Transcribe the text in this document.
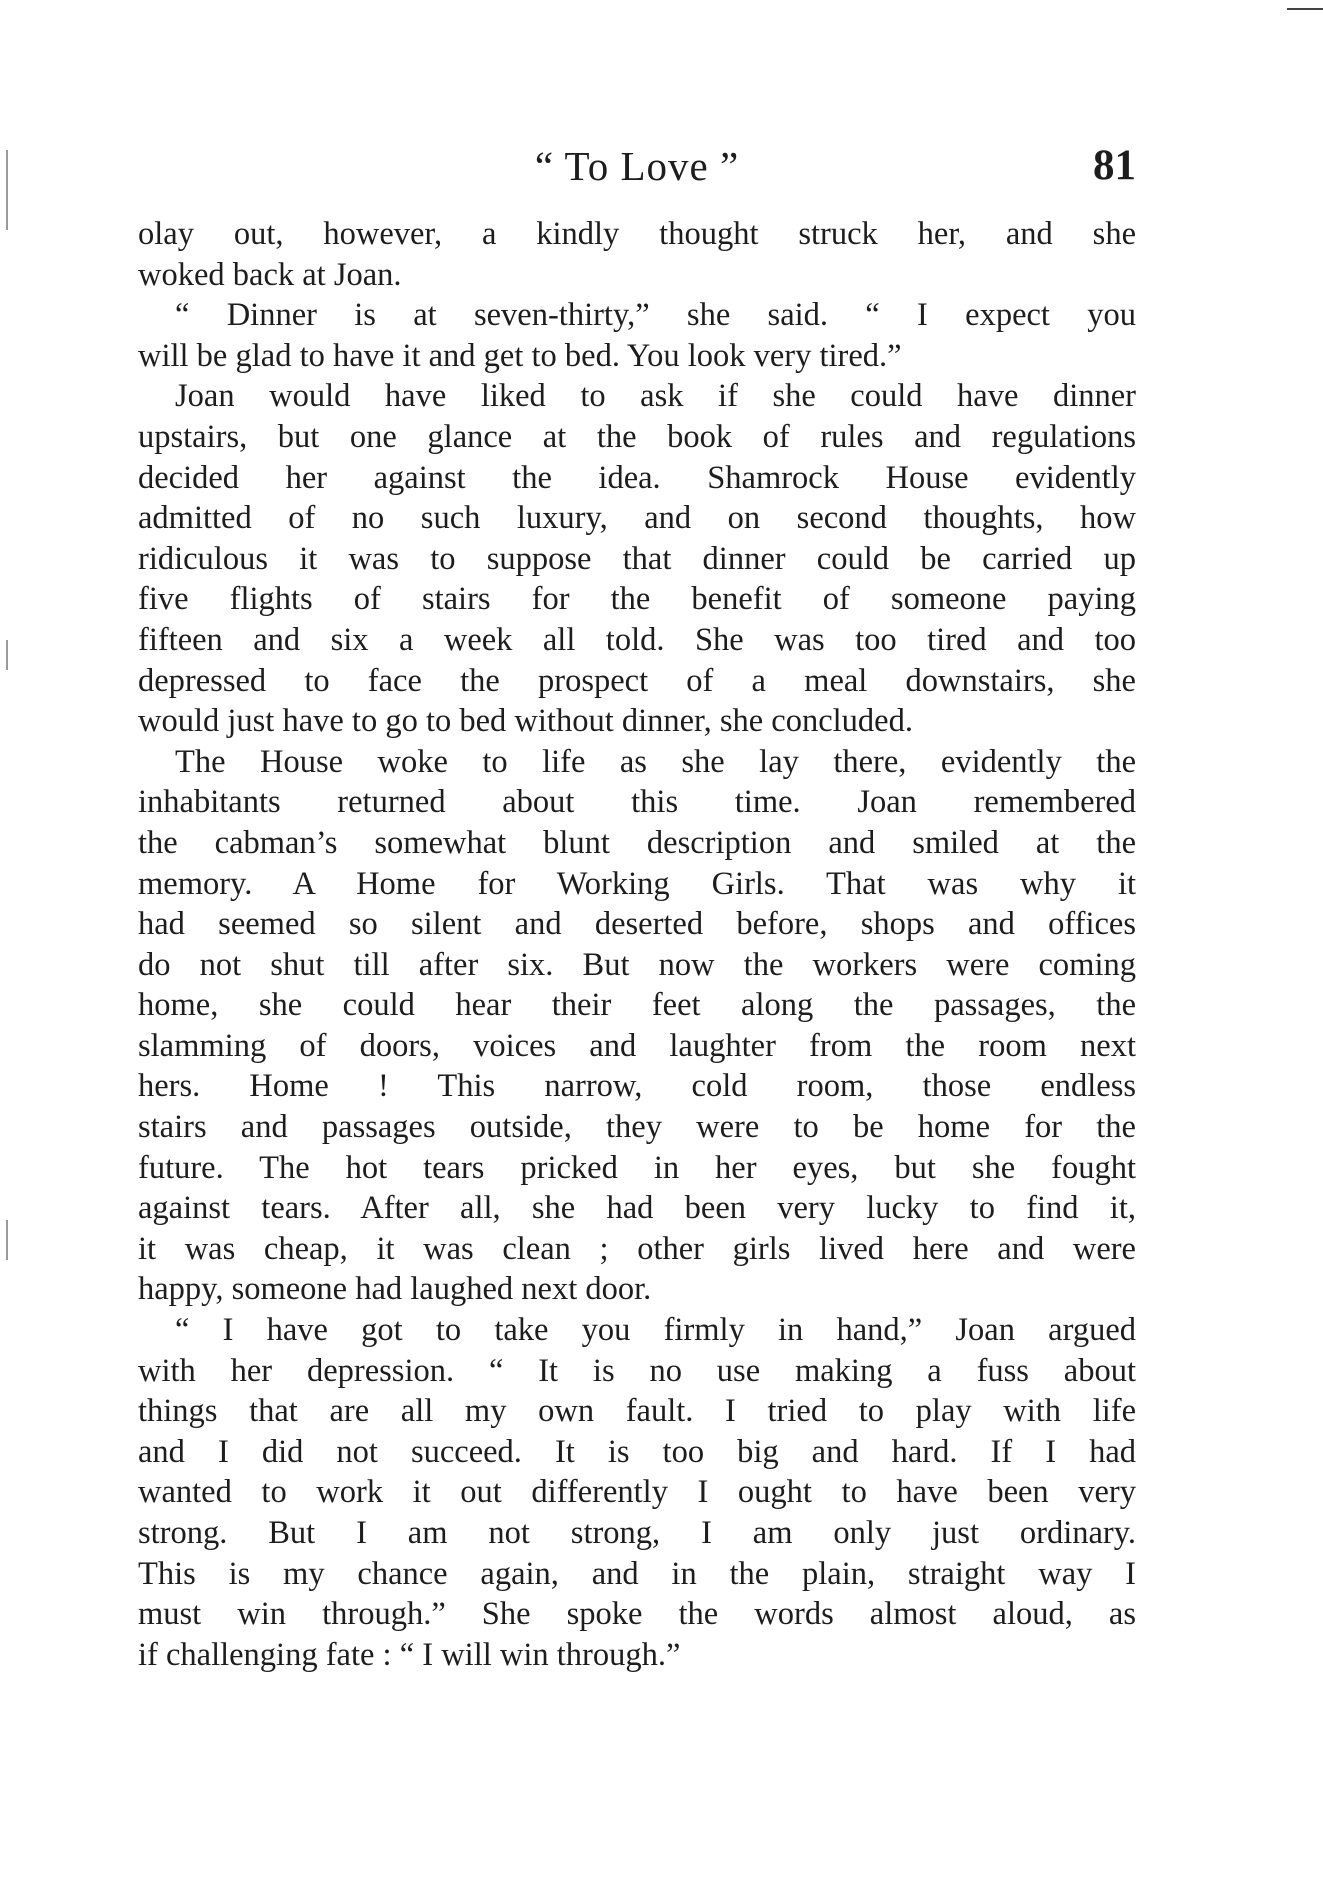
“ To Love ”	81
olay out, however, a kindly thought struck her, and she
woked back at Joan.
“ Dinner is at seven-thirty,” she said. “ I expect you
will be glad to have it and get to bed. You look very tired.”
Joan would have liked to ask if she could have dinner
upstairs, but one glance at the book of rules and regulations
decided her against the idea. Shamrock House evidently
admitted of no such luxury, and on second thoughts, how
ridiculous it was to suppose that dinner could be carried up
five flights of stairs for the benefit of someone paying
fifteen and six a week all told. She was too tired and too
depressed to face the prospect of a meal downstairs, she
would just have to go to bed without dinner, she concluded.
The House woke to life as she lay there, evidently the
inhabitants returned about this time. Joan remembered
the cabman’s somewhat blunt description and smiled at the
memory. A Home for Working Girls. That was why it
had seemed so silent and deserted before, shops and offices
do not shut till after six. But now the workers were coming
home, she could hear their feet along the passages, the
slamming of doors, voices and laughter from the room next
hers. Home ! This narrow, cold room, those endless
stairs and passages outside, they were to be home for the
future. The hot tears pricked in her eyes, but she fought
against tears. After all, she had been very lucky to find it,
it was cheap, it was clean ; other girls lived here and were
happy, someone had laughed next door.
“ I have got to take you firmly in hand,” Joan argued
with her depression. “ It is no use making a fuss about
things that are all my own fault. I tried to play with life
and I did not succeed. It is too big and hard. If I had
wanted to work it out differently I ought to have been very
strong. But I am not strong, I am only just ordinary.
This is my chance again, and in the plain, straight way I
must win through.” She spoke the words almost aloud, as
if challenging fate : “ I will win through.”
